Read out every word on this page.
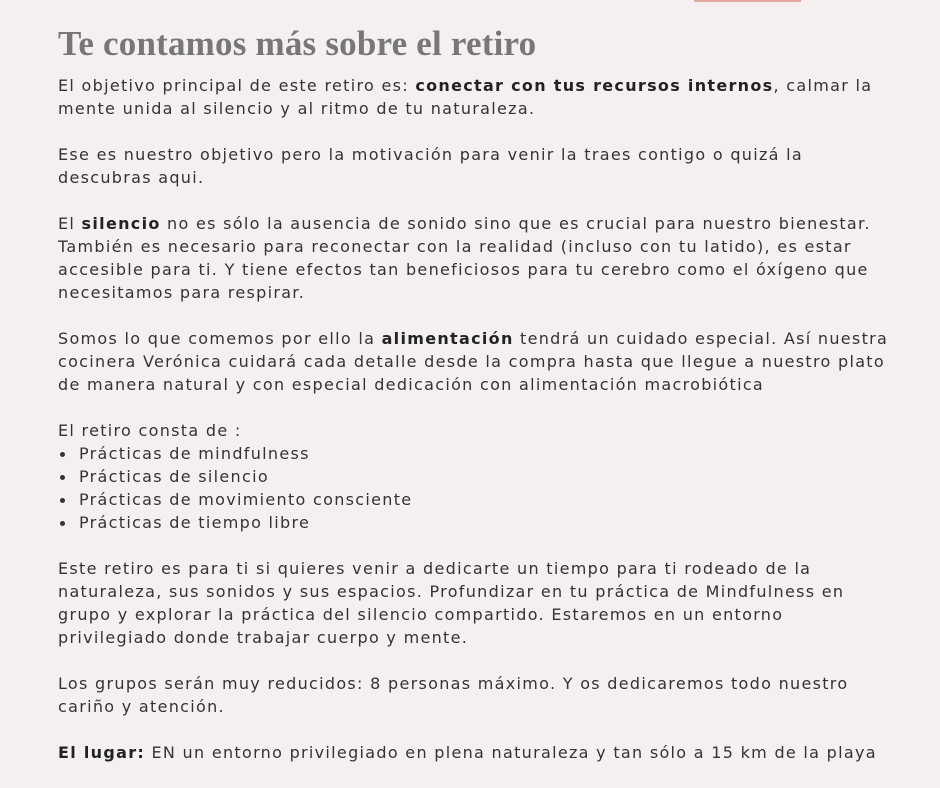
Te contamos más sobre el retiro

El objetivo principal de este retiro es: conectar con tus recursos internos, calmar la mente unida al silencio y al ritmo de tu naturaleza.

Ese es nuestro objetivo pero la motivación para venir la traes contigo o quizá la descubras aqui.

El silencio no es sólo la ausencia de sonido sino que es crucial para nuestro bienestar. También es necesario para reconectar con la realidad (incluso con tu latido), es estar accesible para ti. Y tiene efectos tan beneficiosos para tu cerebro como el óxígeno que necesitamos para respirar.

Somos lo que comemos por ello la alimentación tendrá un cuidado especial. Así nuestra cocinera Verónica cuidará cada detalle desde la compra hasta que llegue a nuestro plato de manera natural y con especial dedicación con alimentación macrobiótica

El retiro consta de :

Prácticas de mindfulness
Prácticas de silencio
Prácticas de movimiento consciente
Prácticas de tiempo libre

Este retiro es para ti si quieres venir a dedicarte un tiempo para ti rodeado de la naturaleza, sus sonidos y sus espacios. Profundizar en tu práctica de Mindfulness en grupo y explorar la práctica del silencio compartido. Estaremos en un entorno privilegiado donde trabajar cuerpo y mente.

Los grupos serán muy reducidos: 8 personas máximo. Y os dedicaremos todo nuestro cariño y atención.

El lugar: EN un entorno privilegiado en plena naturaleza y tan sólo a 15 km de la playa
